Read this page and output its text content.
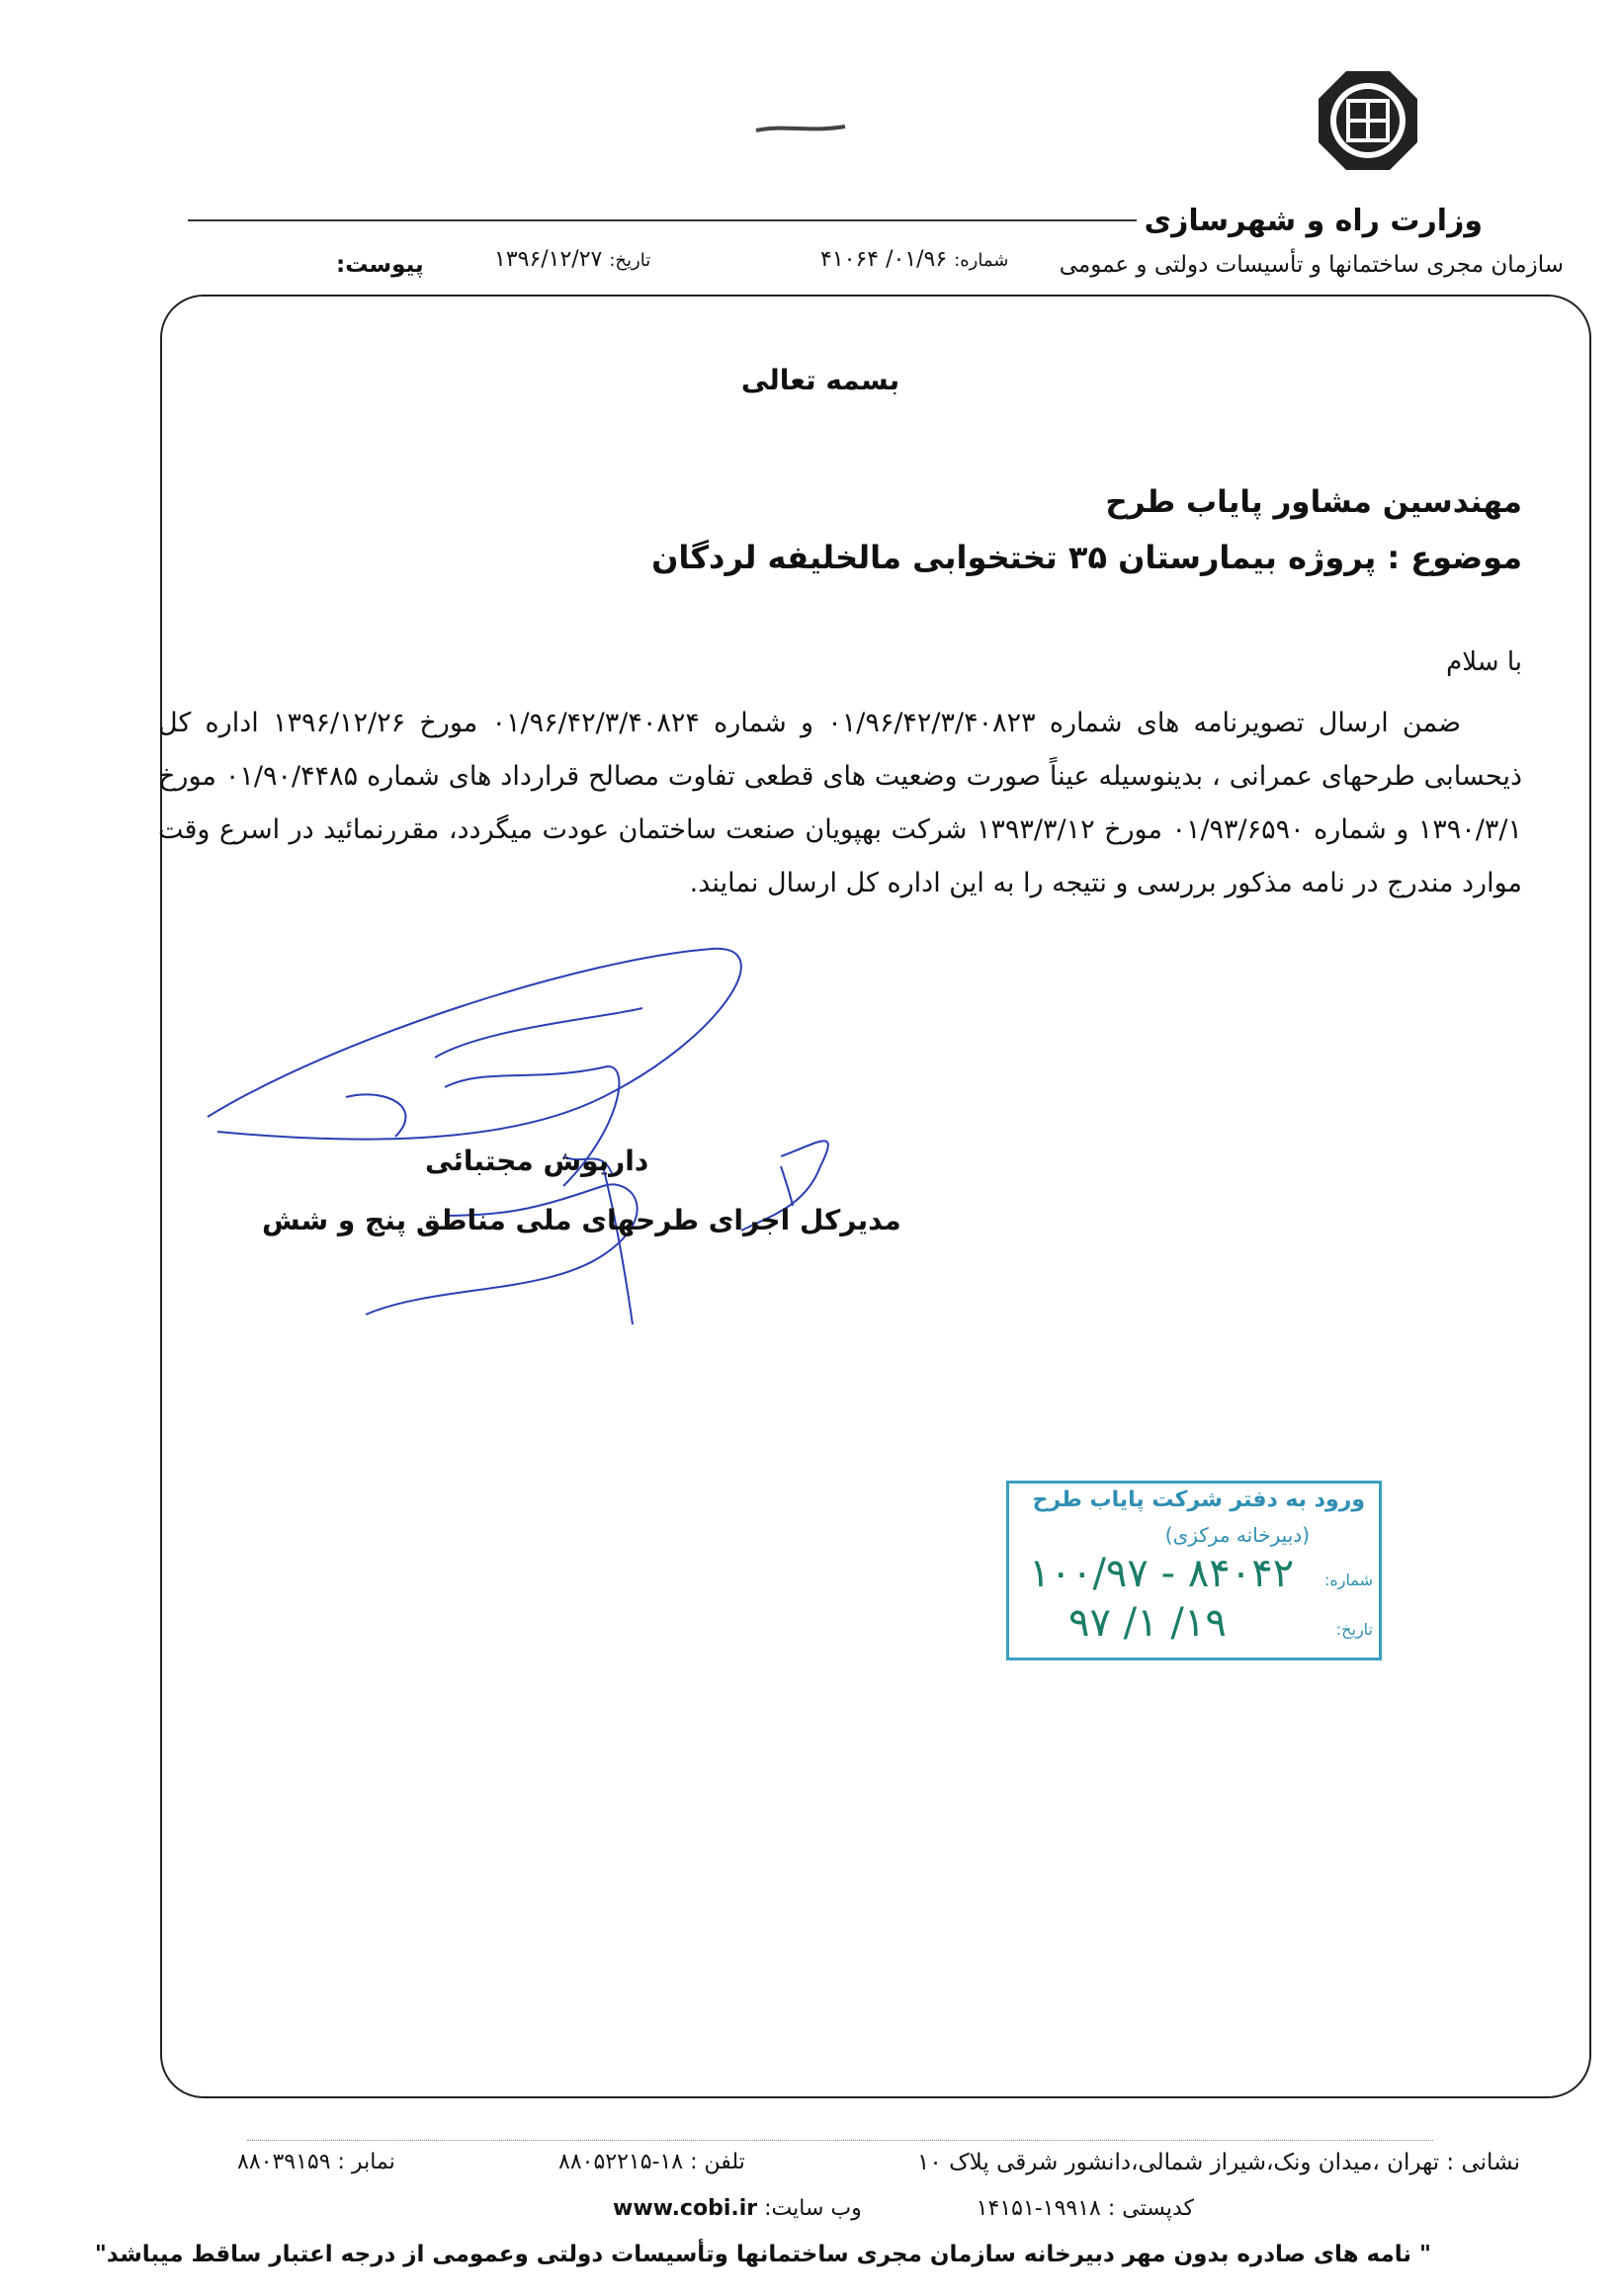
وزارت راه و شهرسازی
سازمان مجری ساختمانها و تأسیسات دولتی و عمومی
شماره: ۰۱/۹۶/ ۴۱۰۶۴
تاریخ: ۱۳۹۶/۱۲/۲۷
پیوست:
بسمه تعالی
مهندسین مشاور پایاب طرح
موضوع : پروژه بیمارستان ۳۵ تختخوابی مالخلیفه لردگان
با سلام
ضمن ارسال تصویرنامه های شماره ۰۱/۹۶/۴۲/۳/۴۰۸۲۳ و شماره ۰۱/۹۶/۴۲/۳/۴۰۸۲۴ مورخ ۱۳۹۶/۱۲/۲۶ اداره کل ذیحسابی طرحهای عمرانی ، بدینوسیله عیناً صورت وضعیت های قطعی تفاوت مصالح قرارداد های شماره ۰۱/۹۰/۴۴۸۵ مورخ ۱۳۹۰/۳/۱ و شماره ۰۱/۹۳/۶۵۹۰ مورخ ۱۳۹۳/۳/۱۲ شرکت بهپویان صنعت ساختمان عودت میگردد، مقررنمائید در اسرع وقت موارد مندرج در نامه مذکور بررسی و نتیجه را به این اداره کل ارسال نمایند.
داریوش مجتبائی
مدیرکل اجرای طرحهای ملی مناطق پنج و شش
ورود به دفتر شرکت پایاب طرح
(دبیرخانه مرکزی)
شماره:
تاریخ:
۱۰۰/۹۷ - ۸۴۰۴۲
۹۷ /۱ /۱۹
نشانی : تهران ،میدان ونک،شیراز شمالی،دانشور شرقی پلاک ۱۰
تلفن : ۱۸-۸۸۰۵۲۲۱۵
نمابر : ۸۸۰۳۹۱۵۹
کدپستی : ۱۹۹۱۸-۱۴۱۵۱
وب سایت: www.cobi.ir
" نامه های صادره بدون مهر دبیرخانه سازمان مجری ساختمانها وتأسیسات دولتی وعمومی از درجه اعتبار ساقط میباشد"
